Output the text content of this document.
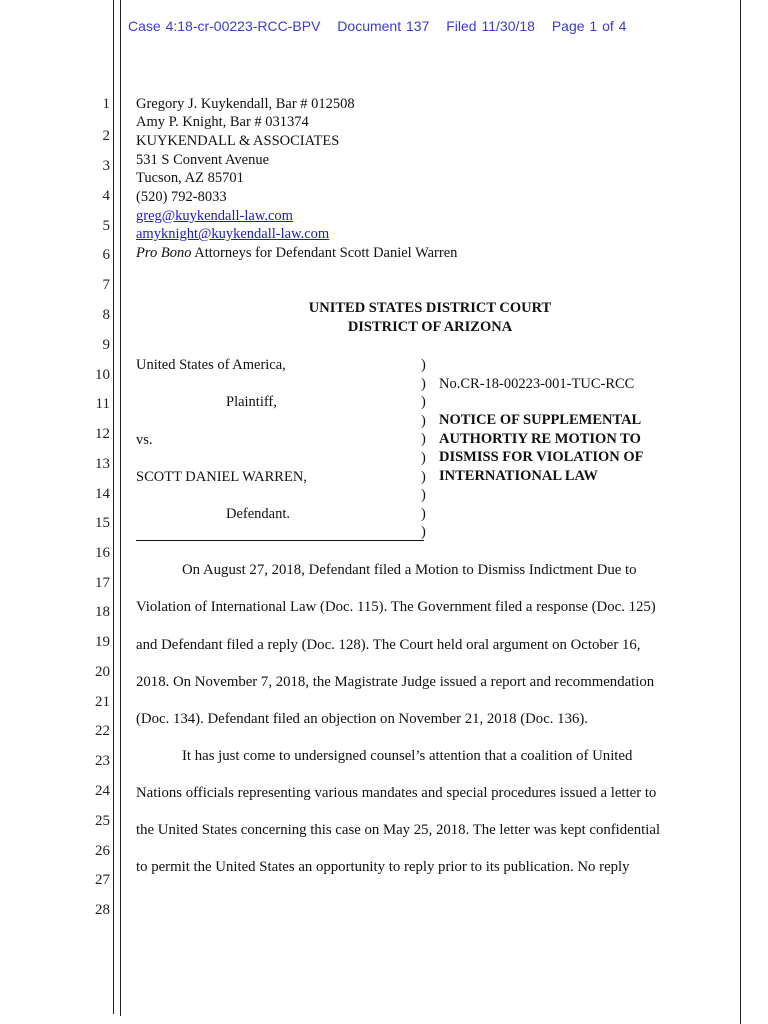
Case 4:18-cr-00223-RCC-BPV Document 137 Filed 11/30/18 Page 1 of 4
1
2
3
4
5
6
7
8
9
10
11
12
13
14
15
16
17
18
19
20
21
22
23
24
25
26
27
28
Gregory J. Kuykendall, Bar # 012508
Amy P. Knight, Bar # 031374
KUYKENDALL & ASSOCIATES
531 S Convent Avenue
Tucson, AZ 85701
(520) 792-8033
greg@kuykendall-law.com
amyknight@kuykendall-law.com
Pro Bono Attorneys for Defendant Scott Daniel Warren
UNITED STATES DISTRICT COURT
DISTRICT OF ARIZONA
United States of America,
Plaintiff,
vs.
SCOTT DANIEL WARREN,
Defendant.
)
)
)
)
)
)
)
)
)
)
No.CR-18-00223-001-TUC-RCC
NOTICE OF SUPPLEMENTAL
AUTHORTIY RE MOTION TO
DISMISS FOR VIOLATION OF
INTERNATIONAL LAW
On August 27, 2018, Defendant filed a Motion to Dismiss Indictment Due to
Violation of International Law (Doc. 115). The Government filed a response (Doc. 125)
and Defendant filed a reply (Doc. 128). The Court held oral argument on October 16,
2018. On November 7, 2018, the Magistrate Judge issued a report and recommendation
(Doc. 134). Defendant filed an objection on November 21, 2018 (Doc. 136).
It has just come to undersigned counsel’s attention that a coalition of United
Nations officials representing various mandates and special procedures issued a letter to
the United States concerning this case on May 25, 2018. The letter was kept confidential
to permit the United States an opportunity to reply prior to its publication. No reply
